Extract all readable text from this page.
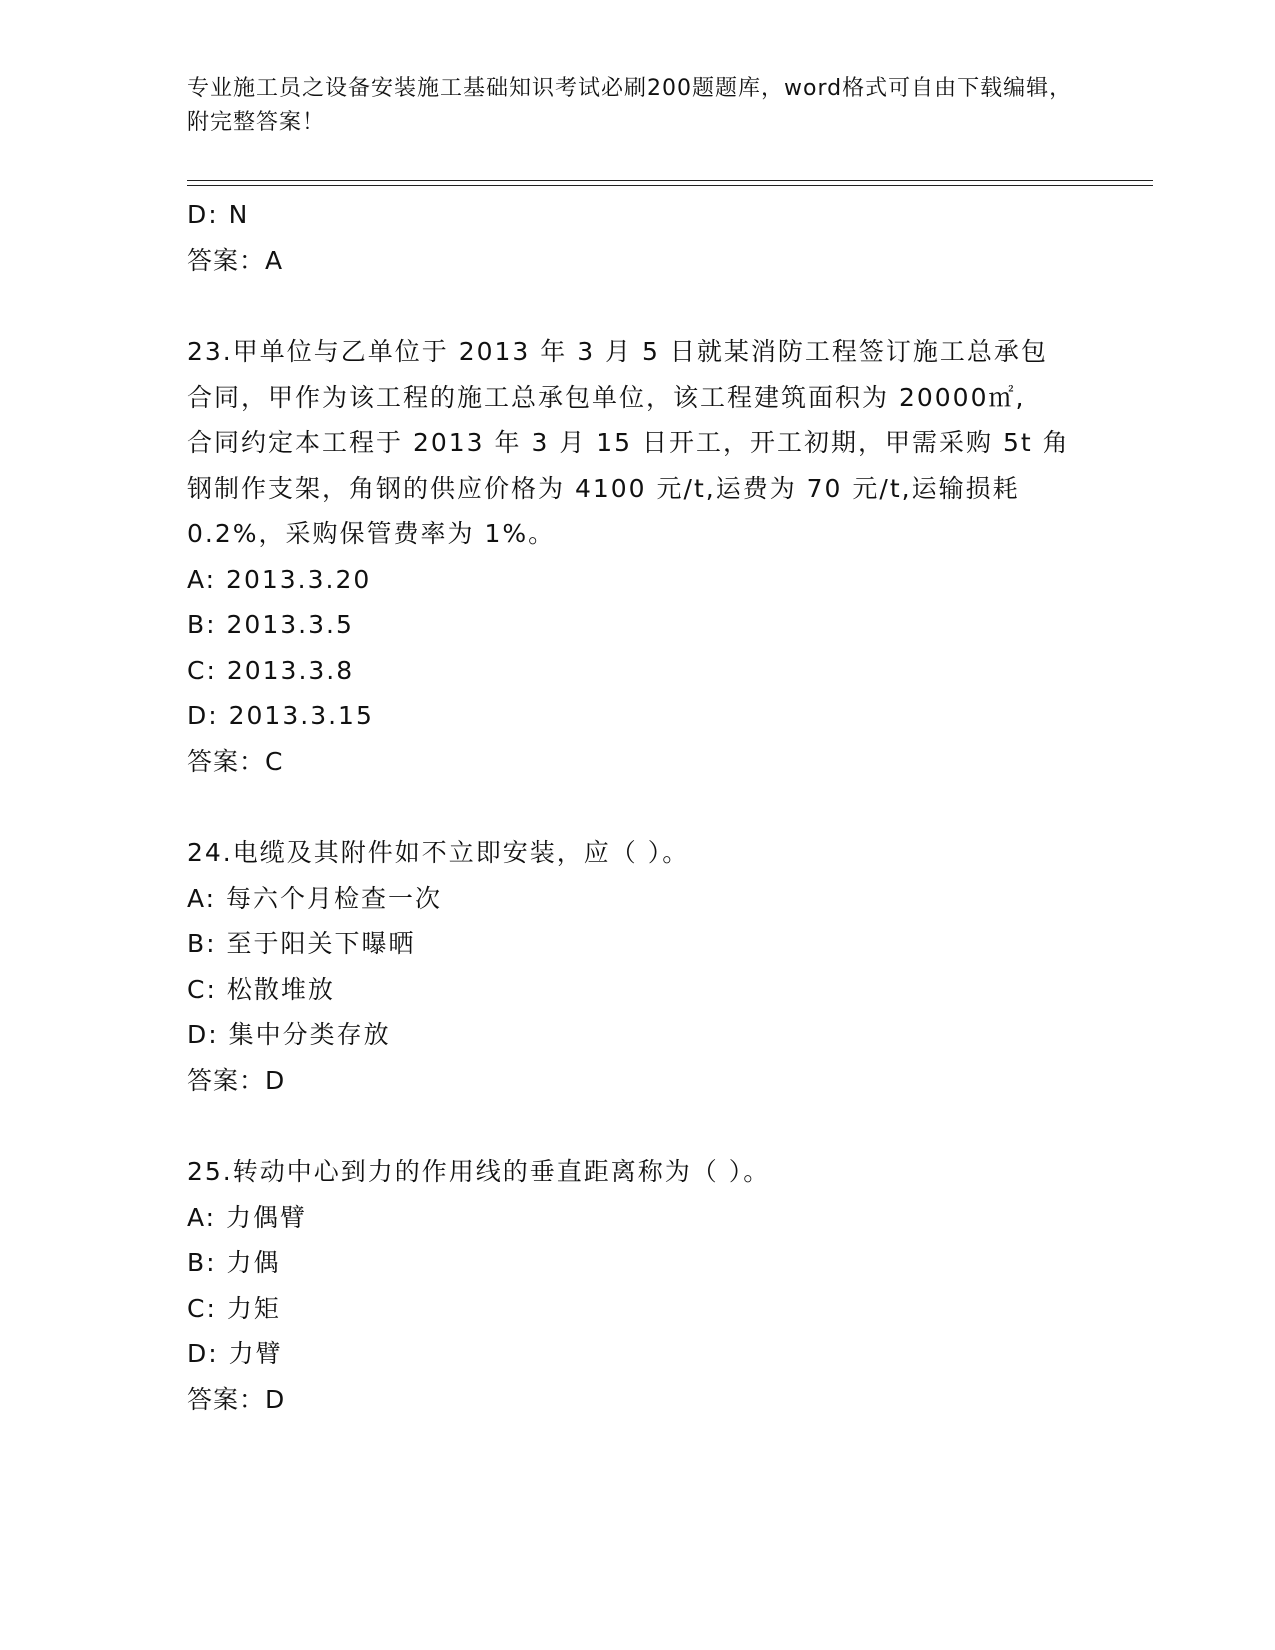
专业施工员之设备安装施工基础知识考试必刷200题题库，word格式可自由下载编辑，附完整答案！
D: N
答案：A
23.甲单位与乙单位于 2013 年 3 月 5 日就某消防工程签订施工总承包
合同，甲作为该工程的施工总承包单位，该工程建筑面积为 20000㎡,
合同约定本工程于 2013 年 3 月 15 日开工，开工初期，甲需采购 5t 角
钢制作支架，角钢的供应价格为 4100 元/t,运费为 70 元/t,运输损耗
0.2%，采购保管费率为 1%。
A: 2013.3.20
B: 2013.3.5
C: 2013.3.8
D: 2013.3.15
答案：C
24.电缆及其附件如不立即安装，应（ ）。
A: 每六个月检查一次
B: 至于阳关下曝晒
C: 松散堆放
D: 集中分类存放
答案：D
25.转动中心到力的作用线的垂直距离称为（ ）。
A: 力偶臂
B: 力偶
C: 力矩
D: 力臂
答案：D
